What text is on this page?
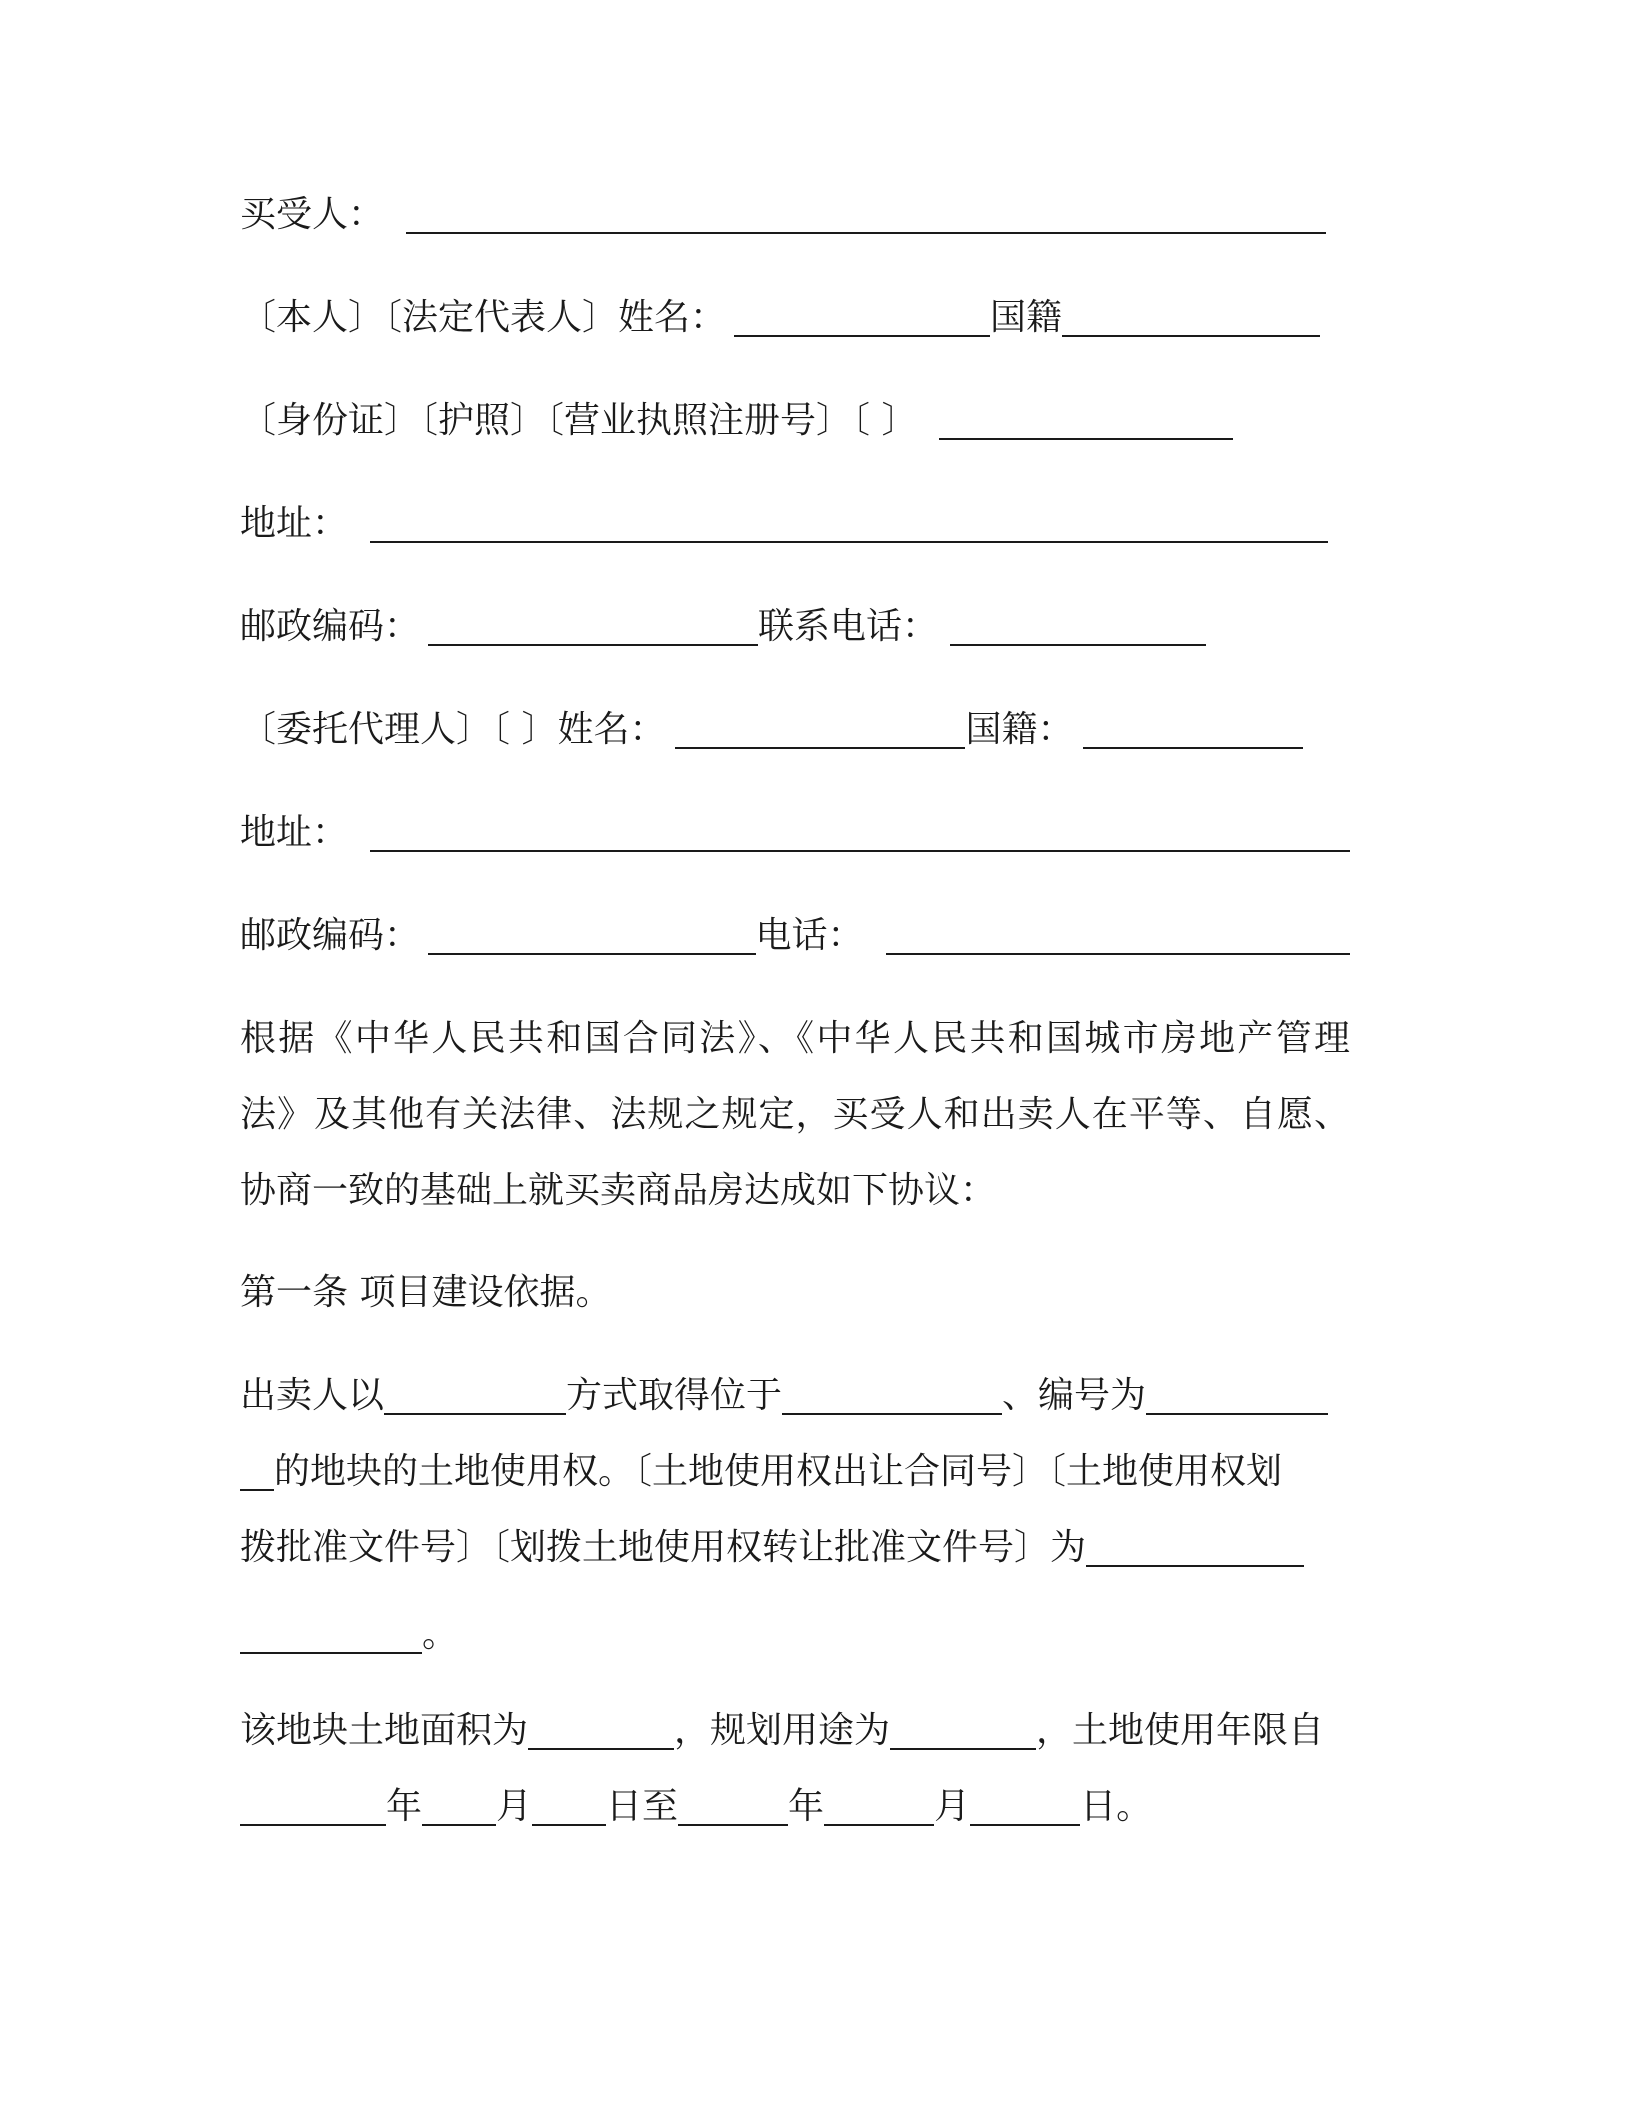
买受人：
〔本人〕〔法定代表人〕姓名：	国籍
〔身份证〕〔护照〕〔营业执照注册号〕〔 〕
地址：
邮政编码：	联系电话：
〔委托代理人〕〔 〕姓名：	国籍：
地址：
邮政编码：	电话：
根据《中华人民共和国合同法》、《中华人民共和国城市房地产管理
法》及其他有关法律、法规之规定，买受人和出卖人在平等、自愿、
协商一致的基础上就买卖商品房达成如下协议：
第一条 项目建设依据。
出卖人以	方式取得位于	、编号为
的地块的土地使用权。〔土地使用权出让合同号〕〔土地使用权划
拨批准文件号〕〔划拨土地使用权转让批准文件号〕为
。
该地块土地面积为	，规划用途为	，土地使用年限自
年 月 日至	年	月	日。
